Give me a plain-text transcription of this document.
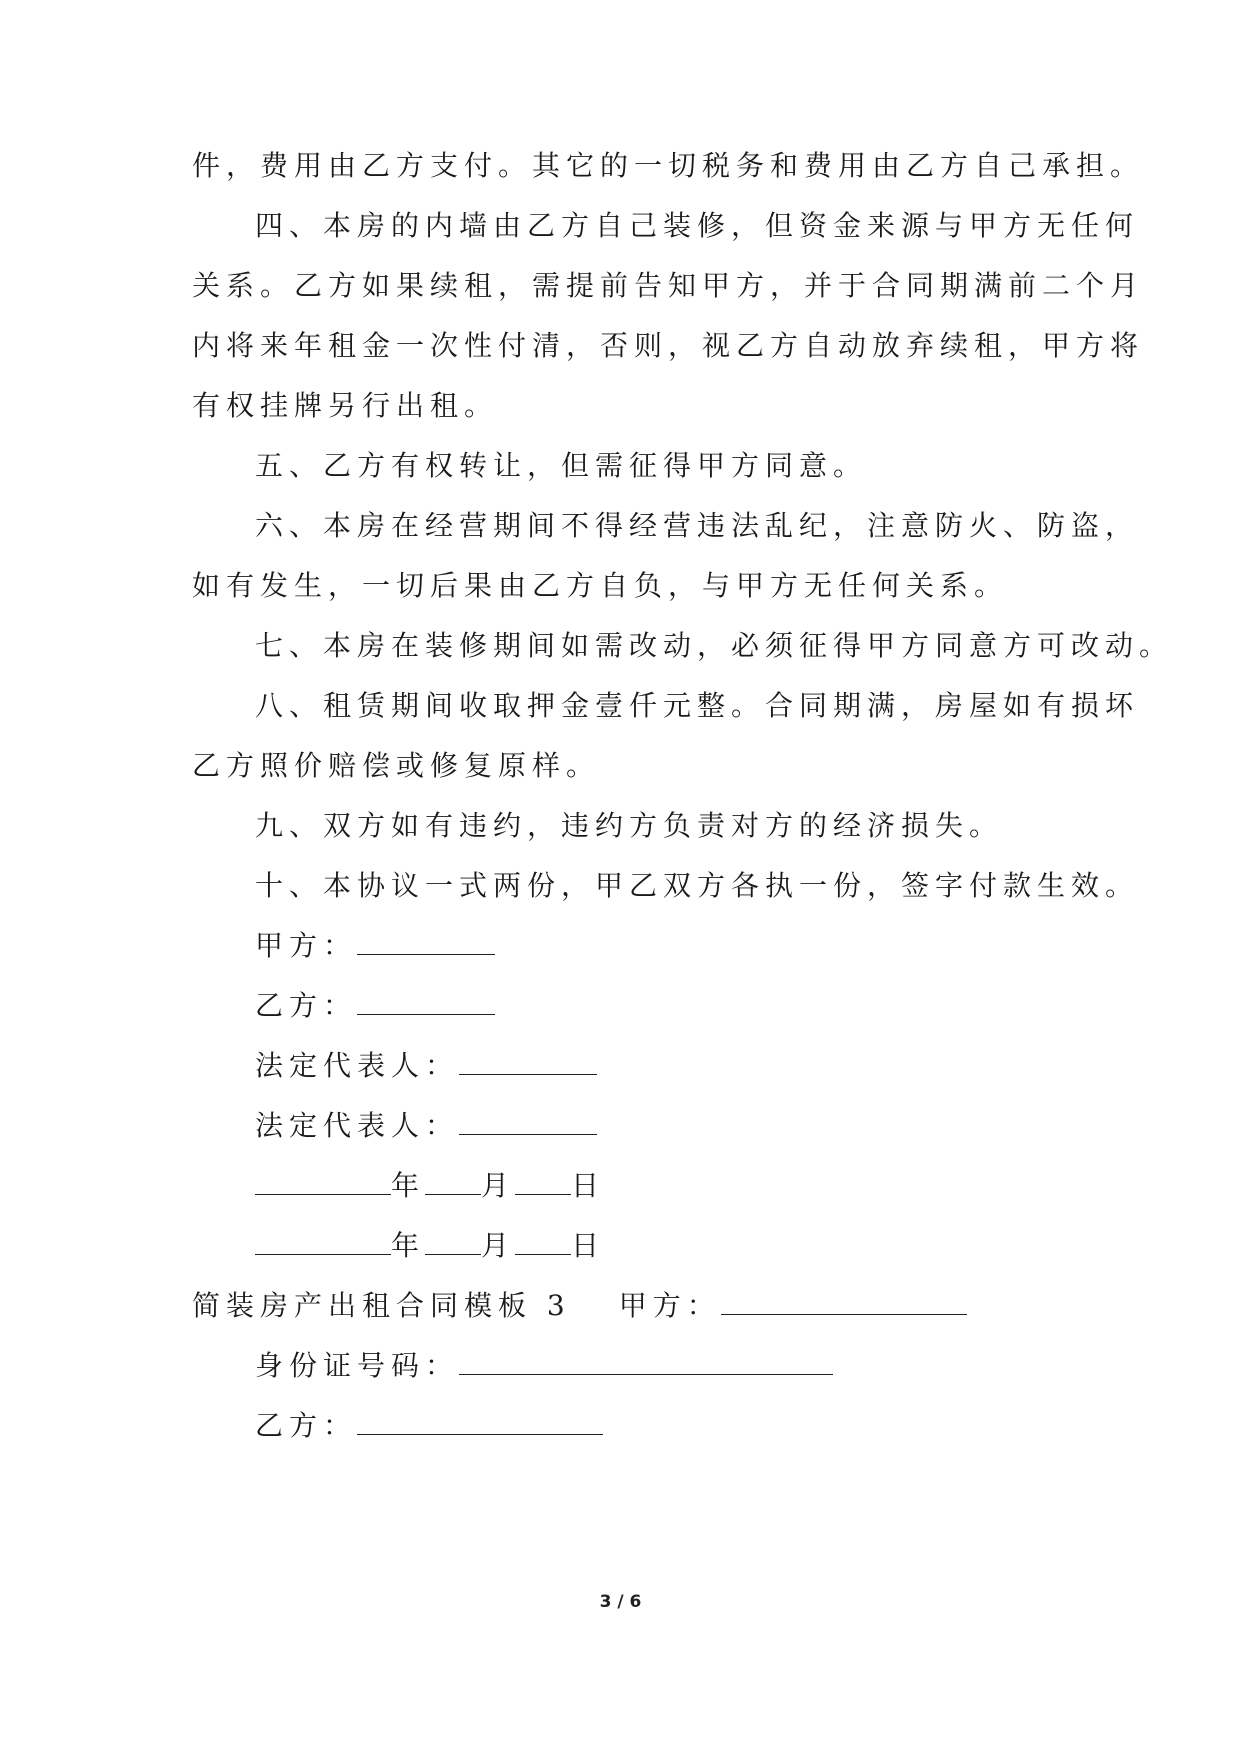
件，费用由乙方支付。其它的一切税务和费用由乙方自己承担。
四、本房的内墙由乙方自己装修，但资金来源与甲方无任何
关系。乙方如果续租，需提前告知甲方，并于合同期满前二个月
内将来年租金一次性付清，否则，视乙方自动放弃续租，甲方将
有权挂牌另行出租。
五、乙方有权转让，但需征得甲方同意。
六、本房在经营期间不得经营违法乱纪，注意防火、防盗，
如有发生，一切后果由乙方自负，与甲方无任何关系。
七、本房在装修期间如需改动，必须征得甲方同意方可改动。
八、租赁期间收取押金壹仟元整。合同期满，房屋如有损坏
乙方照价赔偿或修复原样。
九、双方如有违约，违约方负责对方的经济损失。
十、本协议一式两份，甲乙双方各执一份，签字付款生效。
甲方：
乙方：
法定代表人：
法定代表人：
年 月 日
年 月 日
简装房产出租合同模板 3 甲方：
身份证号码：
乙方：
3 / 6
